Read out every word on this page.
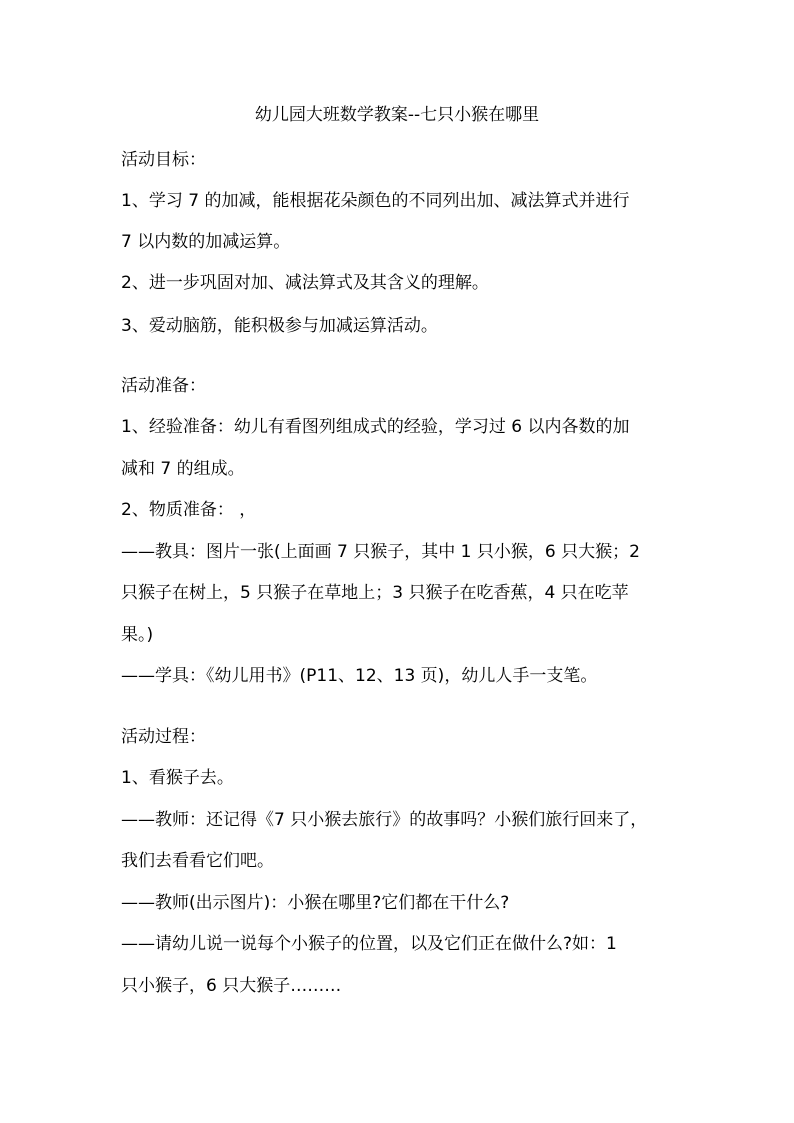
幼儿园大班数学教案--七只小猴在哪里
活动目标：
1、学习 7 的加减，能根据花朵颜色的不同列出加、减法算式并进行
7 以内数的加减运算。
2、进一步巩固对加、减法算式及其含义的理解。
3、爱动脑筋，能积极参与加减运算活动。
活动准备：
1、经验准备：幼儿有看图列组成式的经验，学习过 6 以内各数的加
减和 7 的组成。
2、物质准备： ，
——教具：图片一张(上面画 7 只猴子，其中 1 只小猴，6 只大猴；2
只猴子在树上，5 只猴子在草地上；3 只猴子在吃香蕉，4 只在吃苹
果。)
——学具：《幼儿用书》(P11、12、13 页)，幼儿人手一支笔。
活动过程：
1、看猴子去。
——教师：还记得《7 只小猴去旅行》的故事吗？小猴们旅行回来了，
我们去看看它们吧。
——教师(出示图片)：小猴在哪里?它们都在干什么?
——请幼儿说一说每个小猴子的位置，以及它们正在做什么?如：1
只小猴子，6 只大猴子………
